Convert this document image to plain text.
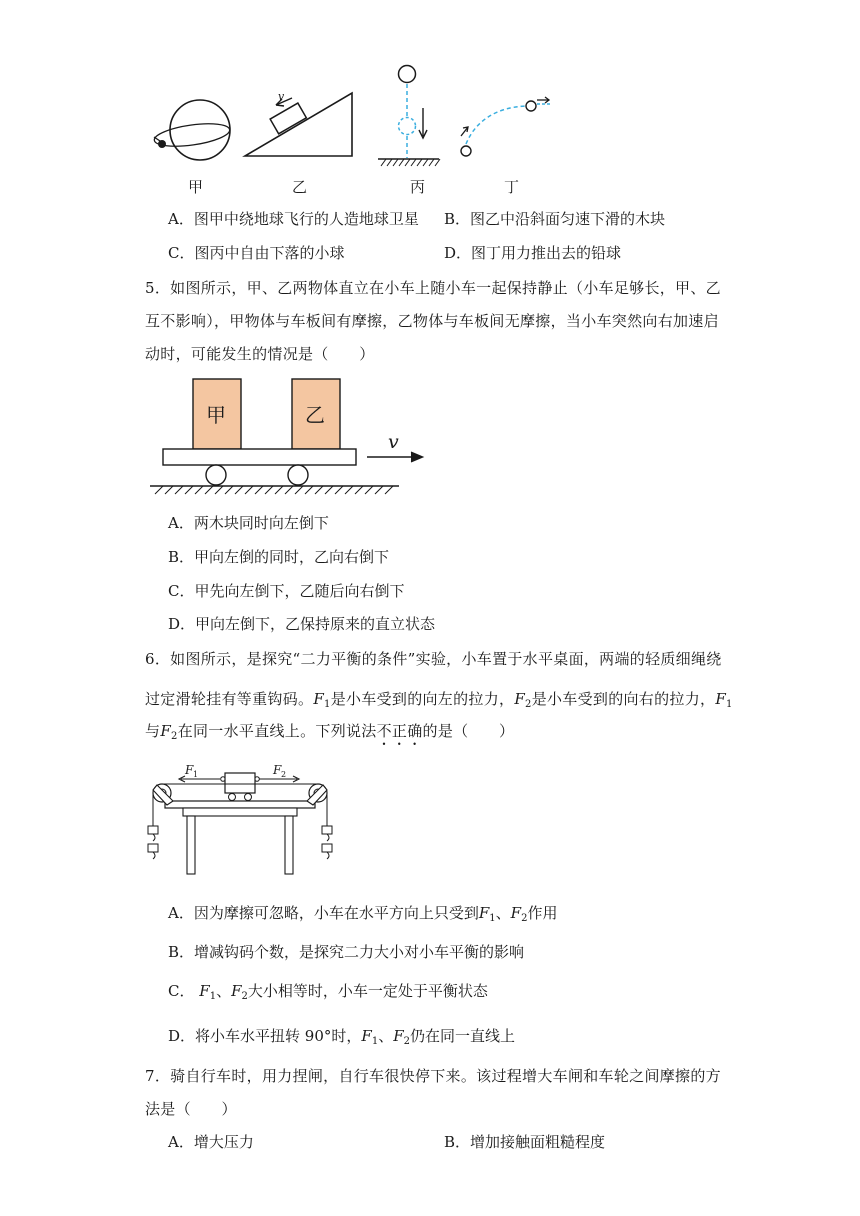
v
甲	乙	丙	丁
A．图甲中绕地球飞行的人造地球卫星 B．图乙中沿斜面匀速下滑的木块
C．图丙中自由下落的小球	D．图丁用力推出去的铅球
5．如图所示，甲、乙两物体直立在小车上随小车一起保持静止（小车足够长，甲、乙
互不影响），甲物体与车板间有摩擦，乙物体与车板间无摩擦，当小车突然向右加速启
动时，可能发生的情况是（　　）
甲	乙
v
A．两木块同时向左倒下
B．甲向左倒的同时，乙向右倒下
C．甲先向左倒下，乙随后向右倒下
D．甲向左倒下，乙保持原来的直立状态
6．如图所示，是探究“二力平衡的条件”实验，小车置于水平桌面，两端的轻质细绳绕
过定滑轮挂有等重钩码。$F_1$是小车受到的向左的拉力，$F_2$是小车受到的向右的拉力，$F_1$
与$F_2$在同一水平直线上。下列说法不正确的是（　　）
F 1	F 2
A．因为摩擦可忽略，小车在水平方向上只受到$F_1$、$F_2$作用
B．增减钩码个数，是探究二力大小对小车平衡的影响
C． $F_1$、$F_2$大小相等时，小车一定处于平衡状态
D．将小车水平扭转 90°时，$F_1$、$F_2$仍在同一直线上
7．骑自行车时，用力捏闸，自行车很快停下来。该过程增大车闸和车轮之间摩擦的方
法是（　　）
A．增大压力	B．增加接触面粗糙程度
